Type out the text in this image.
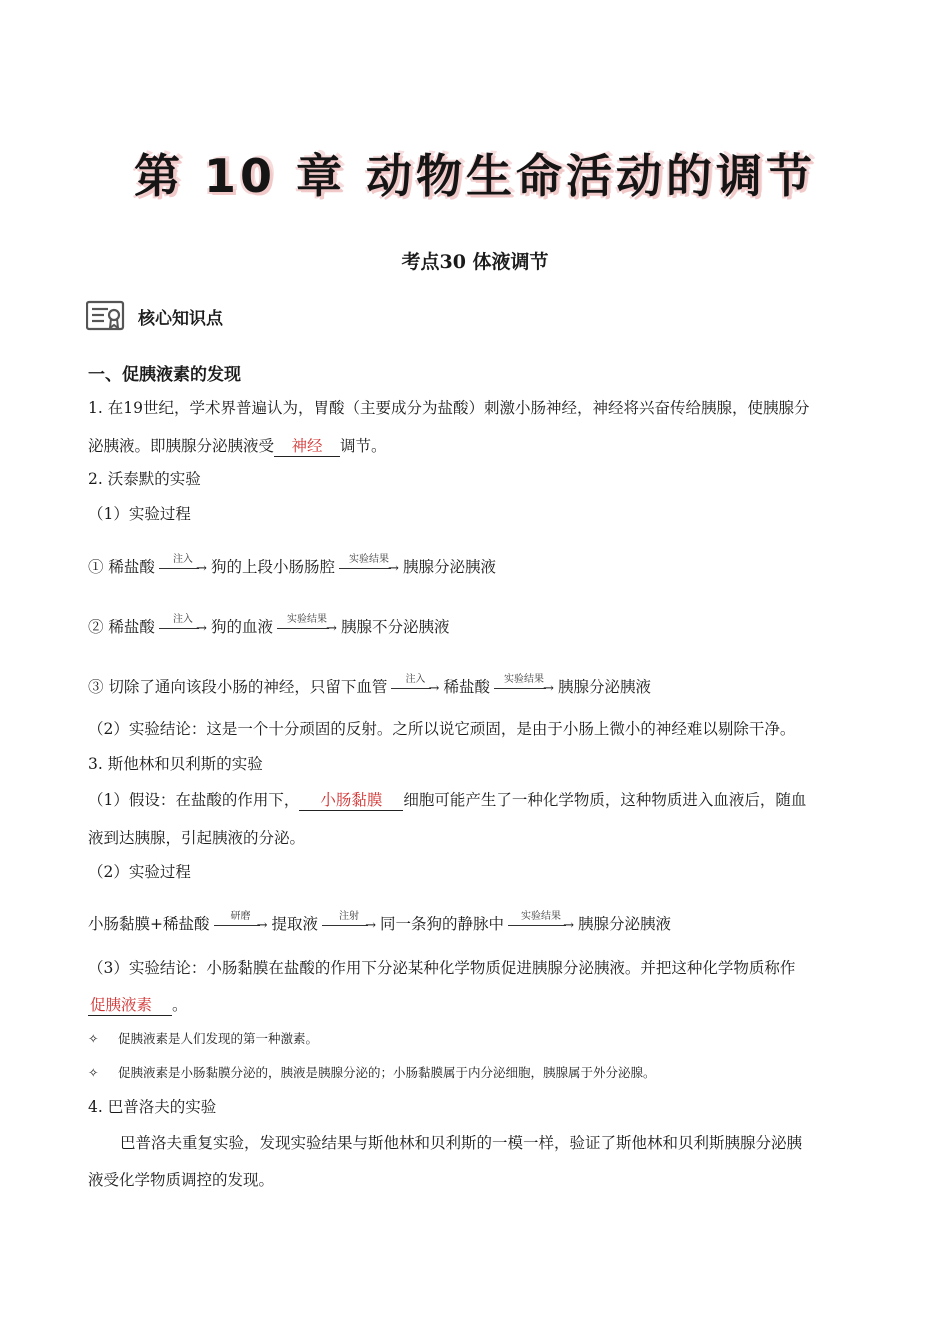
第 10 章 动物生命活动的调节
考点30 体液调节
核心知识点
一、促胰液素的发现
1. 在19世纪，学术界普遍认为，胃酸（主要成分为盐酸）刺激小肠神经，神经将兴奋传给胰腺，使胰腺分
泌胰液。即胰腺分泌胰液受 神经 调节。
2. 沃泰默的实验
（1）实验过程
① 稀盐酸	注入
→ 狗的上段小肠肠腔	实验结果
→ 胰腺分泌胰液
② 稀盐酸	注入
→ 狗的血液	实验结果
→ 胰腺不分泌胰液
③ 切除了通向该段小肠的神经，只留下血管	注入
→ 稀盐酸	实验结果
→ 胰腺分泌胰液
（2）实验结论：这是一个十分顽固的反射。之所以说它顽固，是由于小肠上微小的神经难以剔除干净。
3. 斯他林和贝利斯的实验
（1）假设：在盐酸的作用下， 小肠黏膜 细胞可能产生了一种化学物质，这种物质进入血液后，随血
液到达胰腺，引起胰液的分泌。
（2）实验过程
小肠黏膜+稀盐酸	研磨
→ 提取液	注射
→ 同一条狗的静脉中	实验结果
→ 胰腺分泌胰液
（3）实验结论：小肠黏膜在盐酸的作用下分泌某种化学物质促进胰腺分泌胰液。并把这种化学物质称作
促胰液素 。
✧ 促胰液素是人们发现的第一种激素。
✧ 促胰液素是小肠黏膜分泌的，胰液是胰腺分泌的；小肠黏膜属于内分泌细胞，胰腺属于外分泌腺。
4. 巴普洛夫的实验
巴普洛夫重复实验，发现实验结果与斯他林和贝利斯的一模一样，验证了斯他林和贝利斯胰腺分泌胰
液受化学物质调控的发现。
